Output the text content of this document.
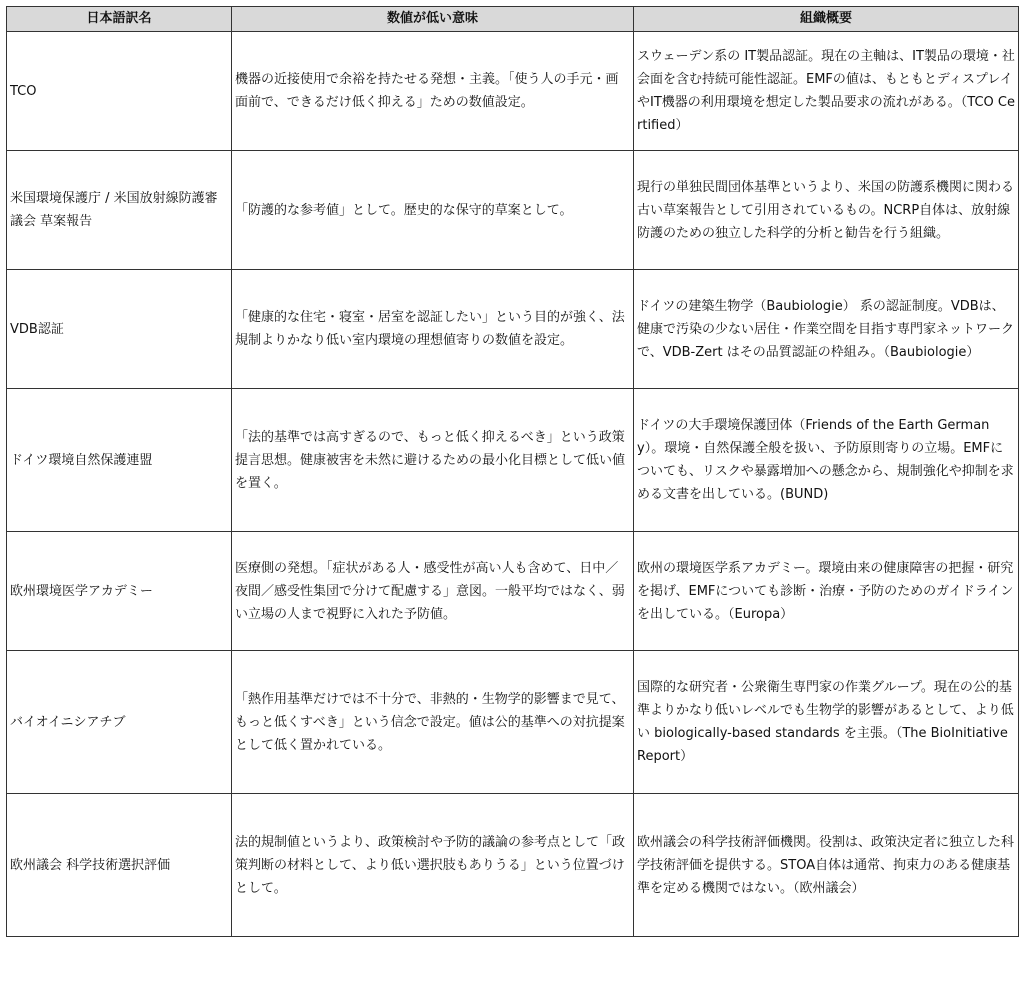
日本語訳名	数値が低い意味	組織概要
TCO	機器の近接使用で余裕を持たせる発想・主義。「使う人の手元・画面前で、できるだけ低く抑える」ための数値設定。	スウェーデン系の IT製品認証。現在の主軸は、IT製品の環境・社会面を含む持続可能性認証。EMFの値は、もともとディスプレイやIT機器の利用環境を想定した製品要求の流れがある。（TCO Certified）
米国環境保護庁 / 米国放射線防護審議会 草案報告	「防護的な参考値」として。歴史的な保守的草案として。	現行の単独民間団体基準というより、米国の防護系機関に関わる古い草案報告として引用されているもの。NCRP自体は、放射線防護のための独立した科学的分析と勧告を行う組織。
VDB認証	「健康的な住宅・寝室・居室を認証したい」という目的が強く、法規制よりかなり低い室内環境の理想値寄りの数値を設定。	ドイツの建築生物学（Baubiologie） 系の認証制度。VDBは、健康で汚染の少ない居住・作業空間を目指す専門家ネットワークで、VDB-Zert はその品質認証の枠組み。（Baubiologie）
ドイツ環境自然保護連盟	「法的基準では高すぎるので、もっと低く抑えるべき」という政策提言思想。健康被害を未然に避けるための最小化目標として低い値を置く。	ドイツの大手環境保護団体（Friends of the Earth Germany）。環境・自然保護全般を扱い、予防原則寄りの立場。EMFについても、リスクや暴露増加への懸念から、規制強化や抑制を求める文書を出している。(BUND)
欧州環境医学アカデミー	医療側の発想。「症状がある人・感受性が高い人も含めて、日中／夜間／感受性集団で分けて配慮する」意図。一般平均ではなく、弱い立場の人まで視野に入れた予防値。	欧州の環境医学系アカデミー。環境由来の健康障害の把握・研究を掲げ、EMFについても診断・治療・予防のためのガイドラインを出している。（Europa）
バイオイニシアチブ	「熱作用基準だけでは不十分で、非熱的・生物学的影響まで見て、もっと低くすべき」という信念で設定。値は公的基準への対抗提案として低く置かれている。	国際的な研究者・公衆衛生専門家の作業グループ。現在の公的基準よりかなり低いレベルでも生物学的影響があるとして、より低い biologically-based standards を主張。（The BioInitiative Report）
欧州議会 科学技術選択評価	法的規制値というより、政策検討や予防的議論の参考点として「政策判断の材料として、より低い選択肢もありうる」という位置づけとして。	欧州議会の科学技術評価機関。役割は、政策決定者に独立した科学技術評価を提供する。STOA自体は通常、拘束力のある健康基準を定める機関ではない。（欧州議会）
